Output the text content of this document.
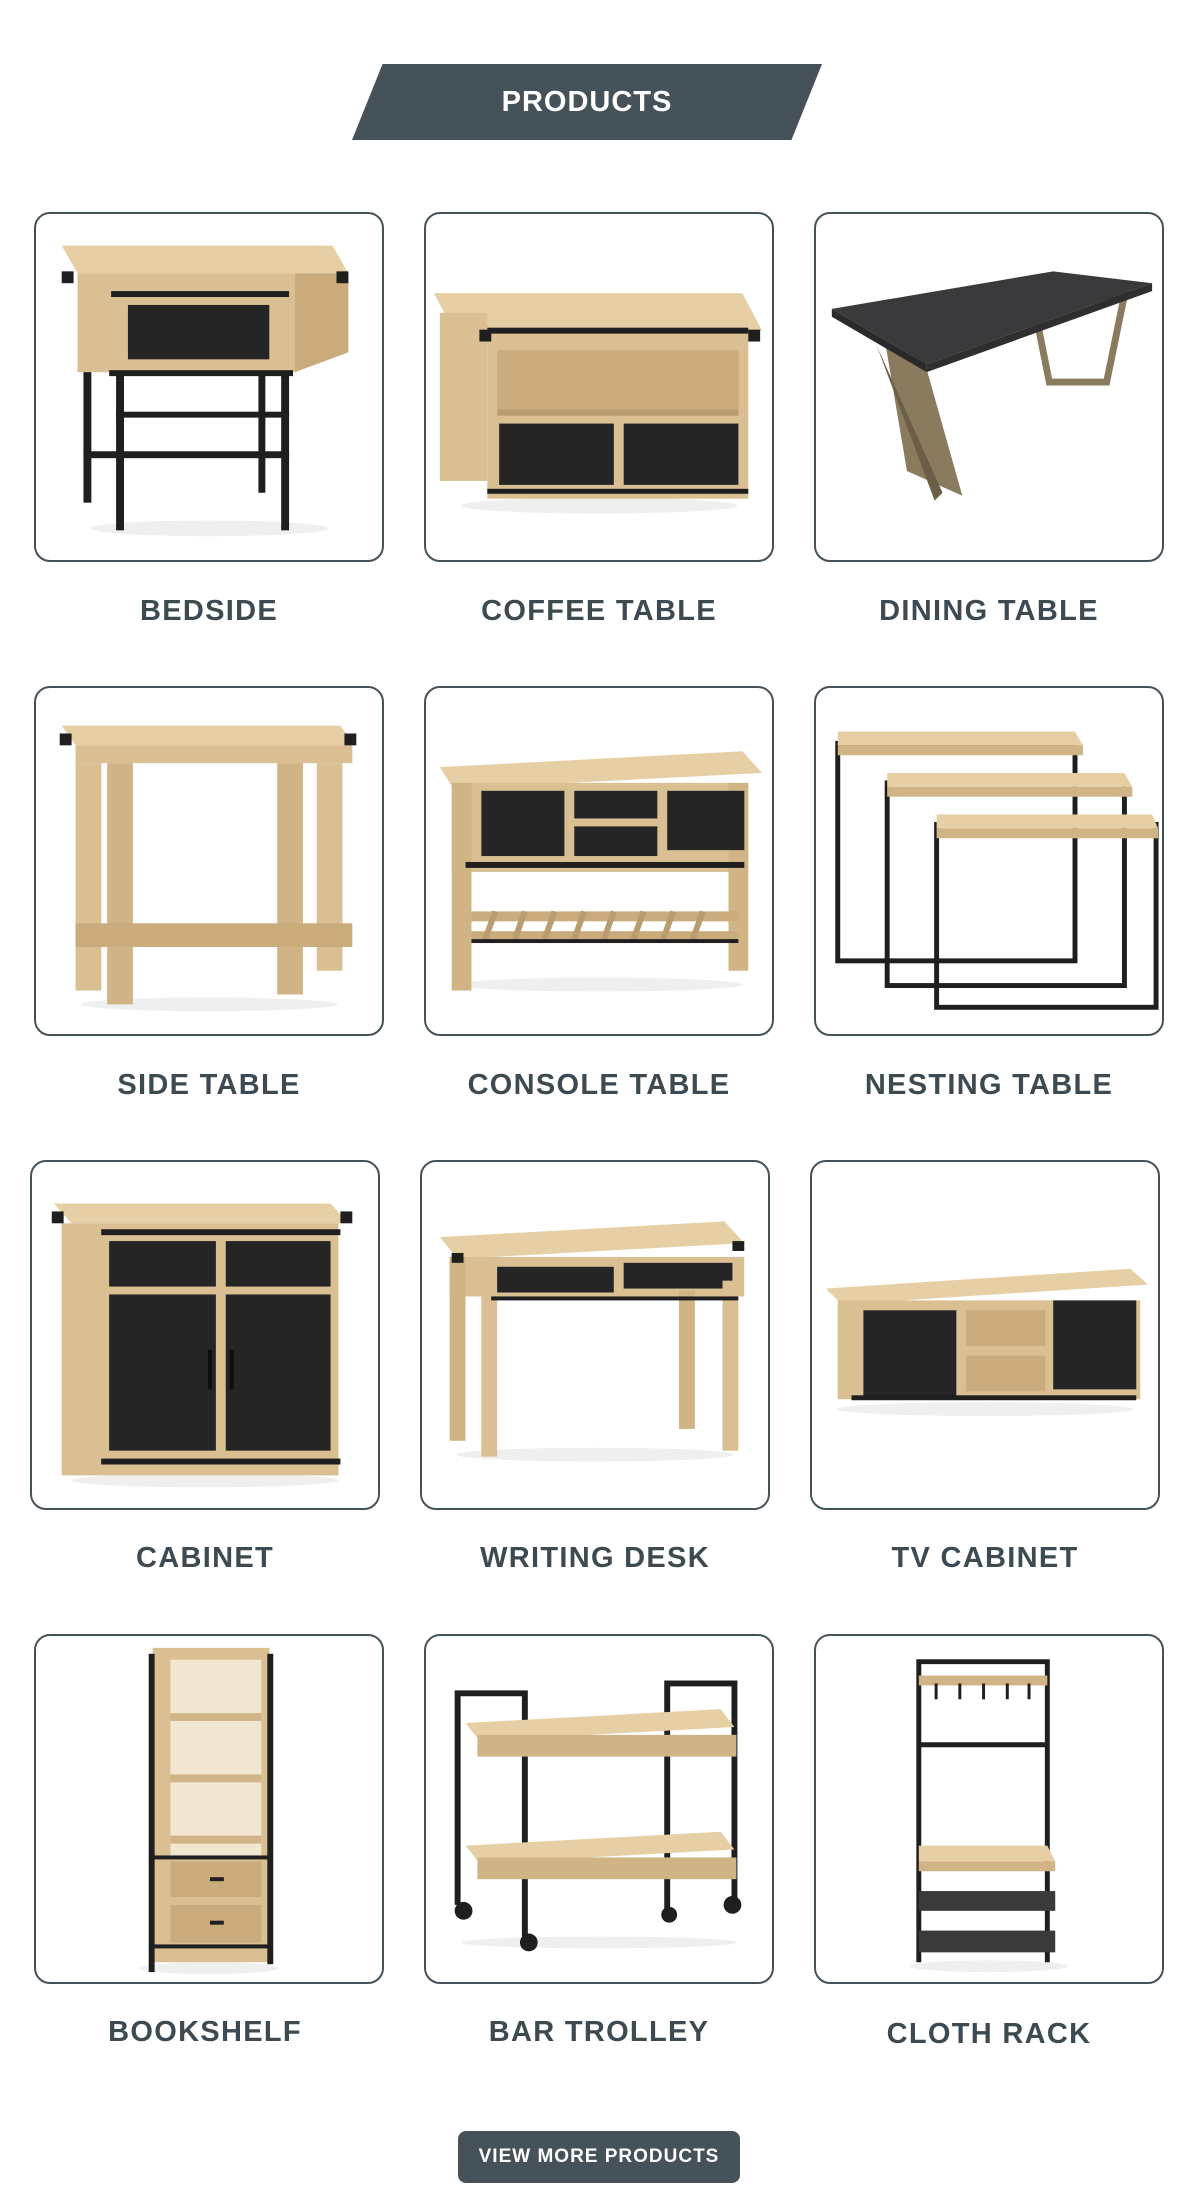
PRODUCTS
BEDSIDE	COFFEE TABLE	DINING TABLE
SIDE TABLE	CONSOLE TABLE	NESTING TABLE
CABINET	WRITING DESK	TV CABINET
BOOKSHELF	BAR TROLLEY	CLOTH RACK
VIEW MORE PRODUCTS
